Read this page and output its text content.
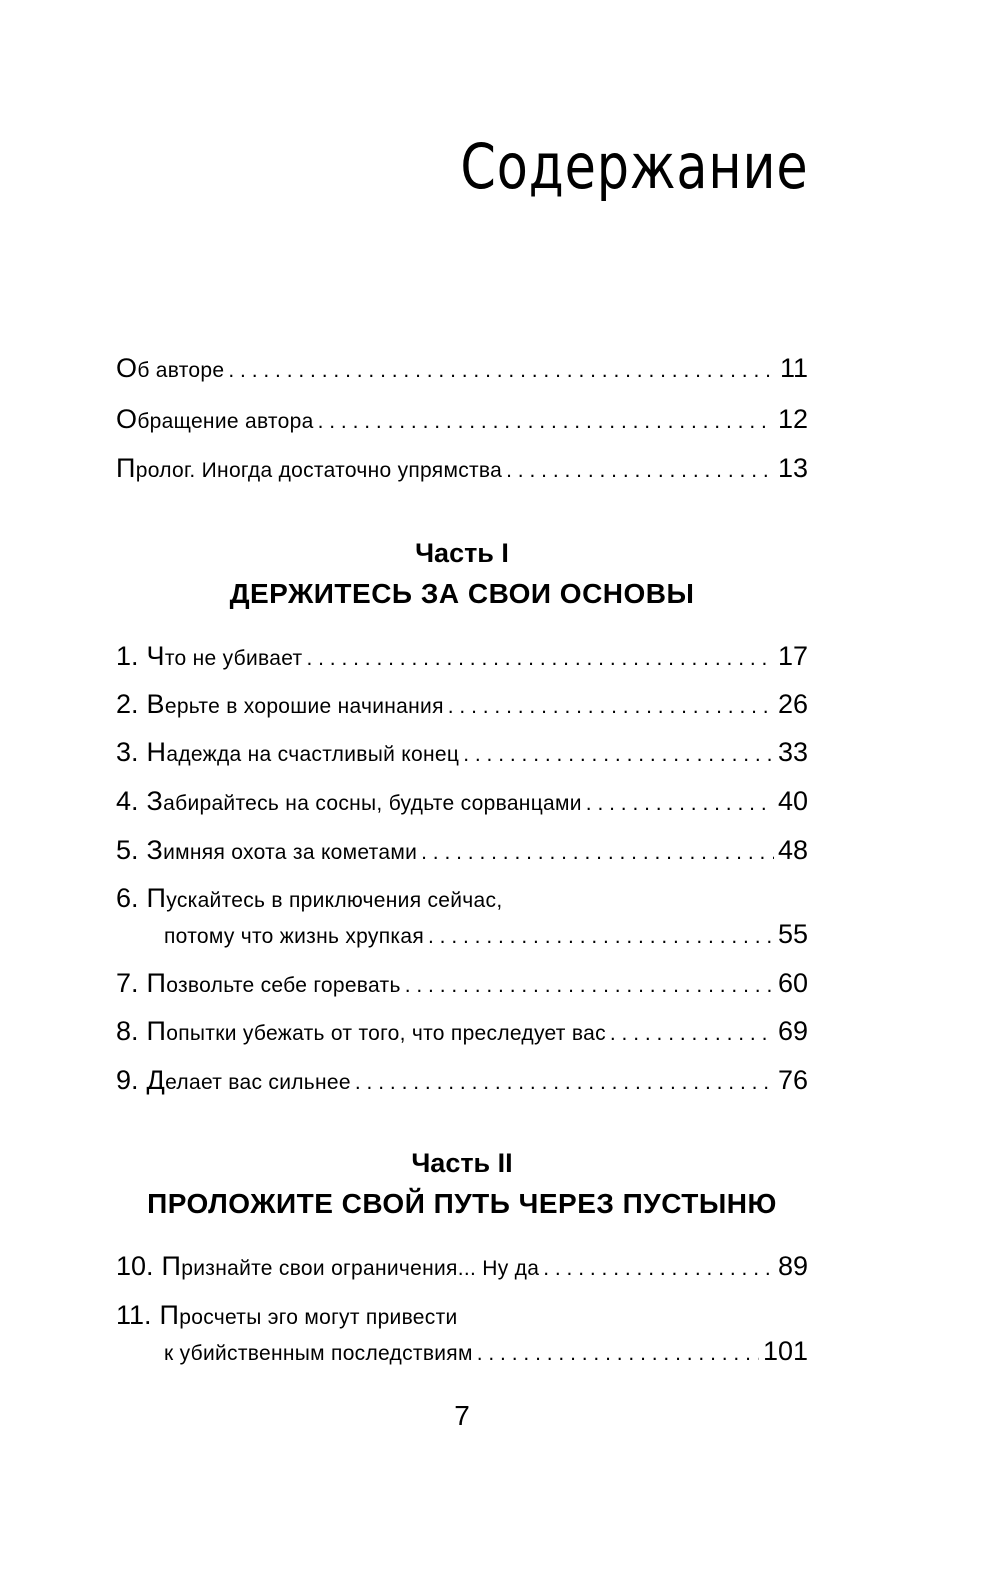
Содержание
Об авторе . . .	11
Обращение автора . . .	12
Пролог. Иногда достаточно упрямства . . .	13
Часть I
ДЕРЖИТЕСЬ ЗА СВОИ ОСНОВЫ
1. Что не убивает . . .	17
2. Верьте в хорошие начинания . . .	26
3. Надежда на счастливый конец . . .	33
4. Забирайтесь на сосны, будьте сорванцами . . .	40
5. Зимняя охота за кометами . . .	48
6. Пускайтесь в приключения сейчас,
потому что жизнь хрупкая . . .	55
7. Позвольте себе горевать . . .	60
8. Попытки убежать от того, что преследует вас . . .	69
9. Делает вас сильнее . . .	76
Часть II
ПРОЛОЖИТЕ СВОЙ ПУТЬ ЧЕРЕЗ ПУСТЫНЮ
10. Признайте свои ограничения... Ну да . . .	89
11. Просчеты эго могут привести
к убийственным последствиям . . .	101
7
